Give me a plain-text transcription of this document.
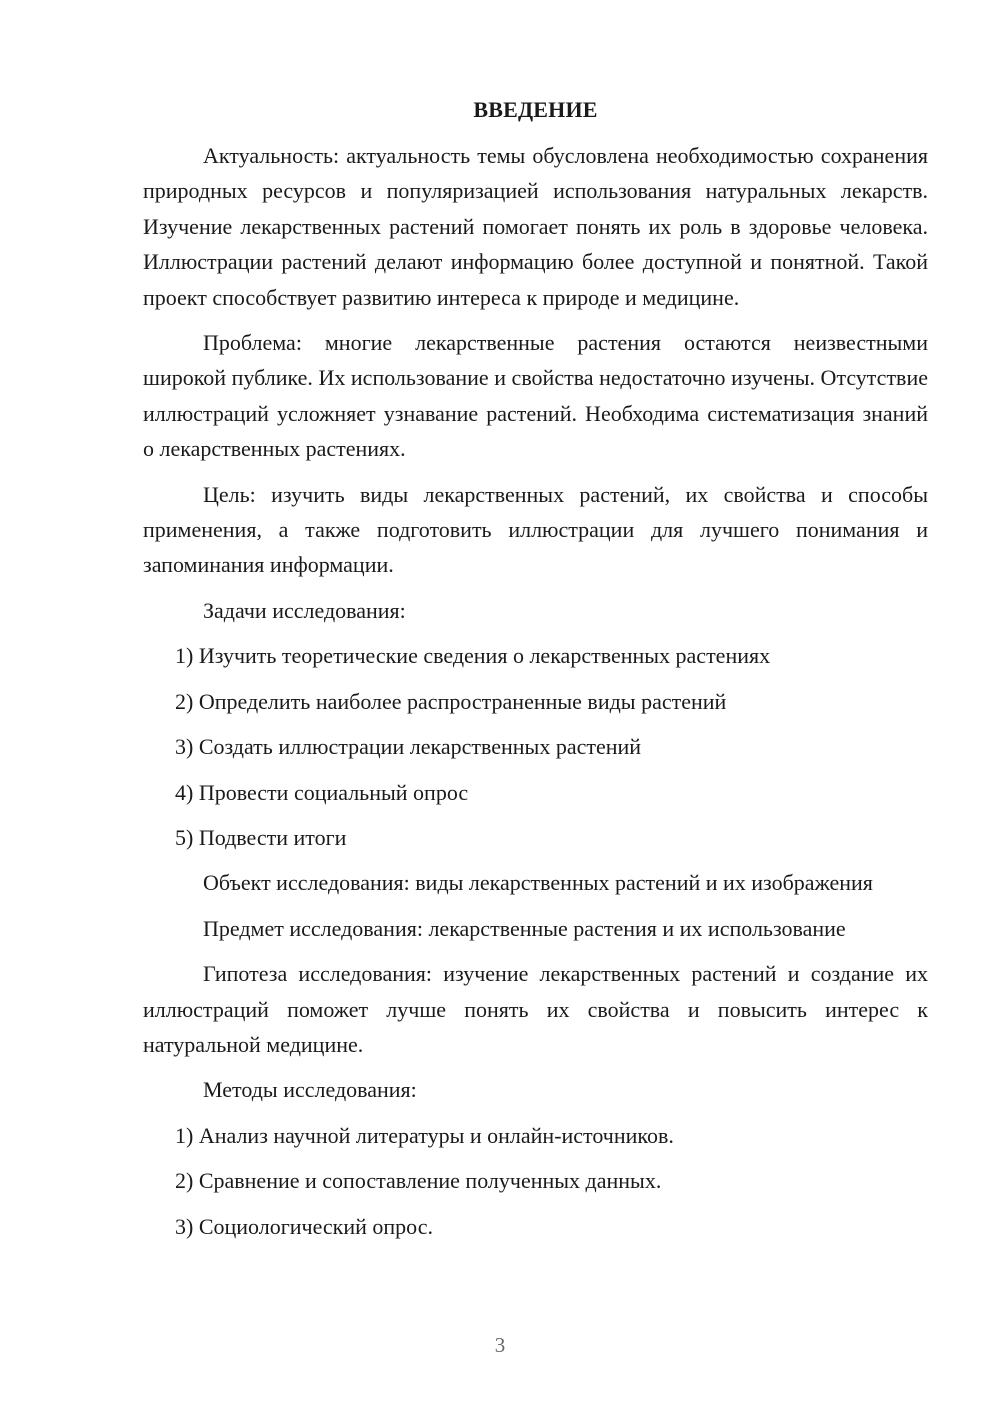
ВВЕДЕНИЕ

Актуальность: актуальность темы обусловлена необходимостью сохранения природных ресурсов и популяризацией использования натуральных лекарств. Изучение лекарственных растений помогает понять их роль в здоровье человека. Иллюстрации растений делают информацию более доступной и понятной. Такой проект способствует развитию интереса к природе и медицине.

Проблема: многие лекарственные растения остаются неизвестными широкой публике. Их использование и свойства недостаточно изучены. Отсутствие иллюстраций усложняет узнавание растений. Необходима систематизация знаний о лекарственных растениях.

Цель: изучить виды лекарственных растений, их свойства и способы применения, а также подготовить иллюстрации для лучшего понимания и запоминания информации.

Задачи исследования:

1) Изучить теоретические сведения о лекарственных растениях

2) Определить наиболее распространенные виды растений

3) Создать иллюстрации лекарственных растений

4) Провести социальный опрос

5) Подвести итоги

Объект исследования: виды лекарственных растений и их изображения

Предмет исследования: лекарственные растения и их использование

Гипотеза исследования: изучение лекарственных растений и создание их иллюстраций поможет лучше понять их свойства и повысить интерес к натуральной медицине.

Методы исследования:

1) Анализ научной литературы и онлайн-источников.

2) Сравнение и сопоставление полученных данных.

3) Социологический опрос.

3
